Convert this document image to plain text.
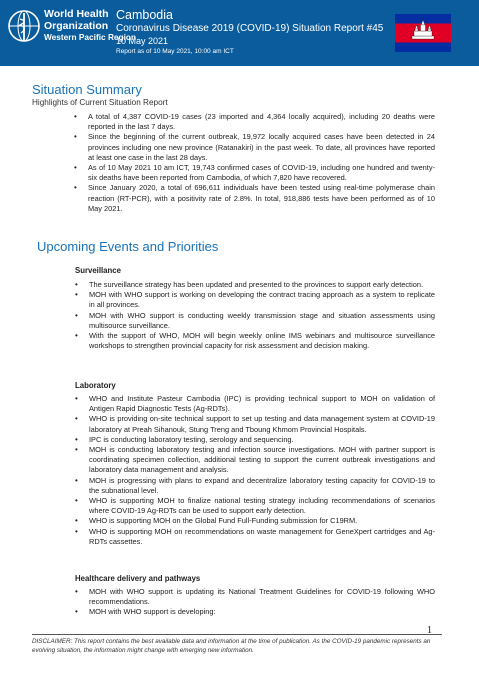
World Health
Organization
Western Pacific Region
Cambodia
Coronavirus Disease 2019 (COVID-19) Situation Report #45
10 May 2021
Report as of 10 May 2021, 10:00 am ICT
Situation Summary
Highlights of Current Situation Report
• A total of 4,387 COVID-19 cases (23 imported and 4,364 locally acquired), including 20 deaths were reported in the last 7 days.
• Since the beginning of the current outbreak, 19,972 locally acquired cases have been detected in 24 provinces including one new province (Ratanakiri) in the past week. To date, all provinces have reported at least one case in the last 28 days.
• As of 10 May 2021 10 am ICT, 19,743 confirmed cases of COVID-19, including one hundred and twenty-six deaths have been reported from Cambodia, of which 7,820 have recovered.
• Since January 2020, a total of 696,611 individuals have been tested using real-time polymerase chain reaction (RT-PCR), with a positivity rate of 2.8%. In total, 918,886 tests have been performed as of 10 May 2021.
Upcoming Events and Priorities
Surveillance
• The surveillance strategy has been updated and presented to the provinces to support early detection.
• MOH with WHO support is working on developing the contract tracing approach as a system to replicate in all provinces.
• MOH with WHO support is conducting weekly transmission stage and situation assessments using multisource surveillance.
• With the support of WHO, MOH will begin weekly online IMS webinars and multisource surveillance workshops to strengthen provincial capacity for risk assessment and decision making.
Laboratory
• WHO and Institute Pasteur Cambodia (IPC) is providing technical support to MOH on validation of Antigen Rapid Diagnostic Tests (Ag-RDTs).
• WHO is providing on-site technical support to set up testing and data management system at COVID-19 laboratory at Preah Sihanouk, Stung Treng and Tboung Khmom Provincial Hospitals.
• IPC is conducting laboratory testing, serology and sequencing.
• MOH is conducting laboratory testing and infection source investigations. MOH with partner support is coordinating specimen collection, additional testing to support the current outbreak investigations and laboratory data management and analysis.
• MOH is progressing with plans to expand and decentralize laboratory testing capacity for COVID-19 to the subnational level.
• WHO is supporting MOH to finalize national testing strategy including recommendations of scenarios where COVID-19 Ag-RDTs can be used to support early detection.
• WHO is supporting MOH on the Global Fund Full-Funding submission for C19RM.
• WHO is supporting MOH on recommendations on waste management for GeneXpert cartridges and Ag-RDTs cassettes.
Healthcare delivery and pathways
• MOH with WHO support is updating its National Treatment Guidelines for COVID-19 following WHO recommendations.
• MOH with WHO support is developing:
1
DISCLAIMER: This report contains the best available data and information at the time of publication. As the COVID-19 pandemic represents an evolving situation, the information might change with emerging new information.
